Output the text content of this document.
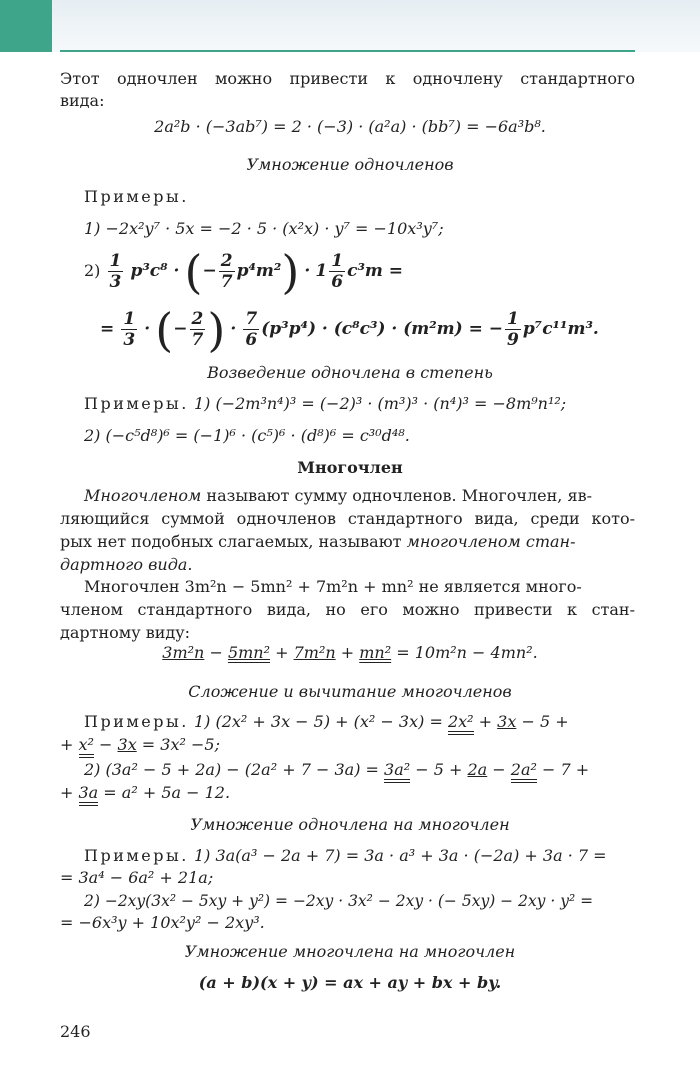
Этот одночлен можно привести к одночлену стандартного
вида:
2a²b · (−3ab⁷) = 2 · (−3) · (a²a) · (bb⁷) = −6a³b⁸.
Умножение одночленов
Примеры.
1) −2x²y⁷ · 5x = −2 · 5 · (x²x) · y⁷ = −10x³y⁷;
$2) \frac{1}{3} p^3c^8$ · (− $\frac{2}{7} p^4m^2) \cdot 1 \frac{1}{6} c^3m$ =
= $\frac{1}{3}$ · (− $\frac{2}{7}$ ) · $\frac{7}{6} (p^3p^4) \cdot (c^8c^3) \cdot (m^2m)$ = − $\frac{1}{9} p^7c^{11}m^3$.
Возведение одночлена в степень
Примеры. 1) (−2m³n⁴)³ = (−2)³ · (m³)³ · (n⁴)³ = −8m⁹n¹²;
2) (−c⁵d⁸)⁶ = (−1)⁶ · (c⁵)⁶ · (d⁸)⁶ = c³⁰d⁴⁸.
Многочлен
Многочленом называют сумму одночленов. Многочлен, яв-
ляющийся суммой одночленов стандартного вида, среди кото-
рых нет подобных слагаемых, называют многочленом стан-
дартного вида.
Многочлен 3m²n − 5mn² + 7m²n + mn² не является много-
членом стандартного вида, но его можно привести к стан-
дартному виду:
3m²n − 5mn² + 7m²n + mn² = 10m²n − 4mn².
Сложение и вычитание многочленов
Примеры. 1) (2x² + 3x − 5) + (x² − 3x) = 2x² + 3x − 5 +
+ x² − 3x = 3x² −5;
2) (3a² − 5 + 2a) − (2a² + 7 − 3a) = 3a² − 5 + 2a − 2a² − 7 +
+ 3a = a² + 5a − 12.
Умножение одночлена на многочлен
Примеры. 1) 3a(a³ − 2a + 7) = 3a · a³ + 3a · (−2a) + 3a · 7 =
= 3a⁴ − 6a² + 21a;
2) −2xy(3x² − 5xy + y²) = −2xy · 3x² − 2xy · (− 5xy) − 2xy · y² =
= −6x³y + 10x²y² − 2xy³.
Умножение многочлена на многочлен
(a + b)(x + y) = ax + ay + bx + by.
246
